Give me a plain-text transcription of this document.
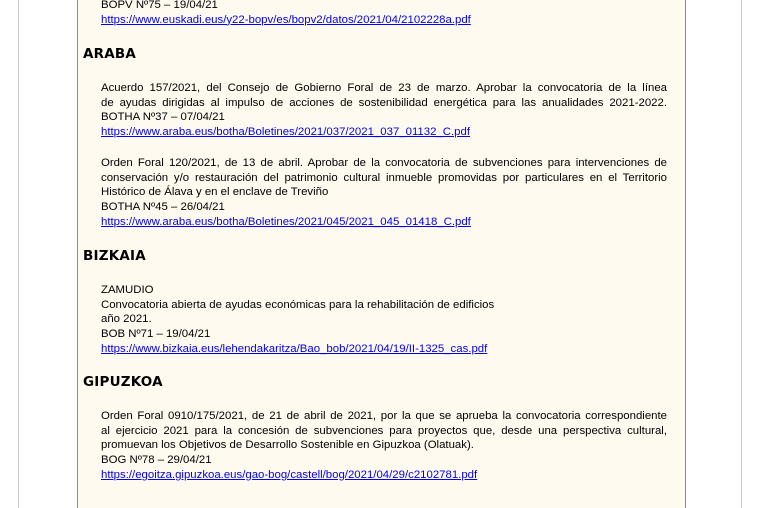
BOPV Nº75 – 19/04/21
https://www.euskadi.eus/y22-bopv/es/bopv2/datos/2021/04/2102228a.pdf
ARABA
Acuerdo 157/2021, del Consejo de Gobierno Foral de 23 de marzo. Aprobar la convocatoria de la línea
de ayudas dirigidas al impulso de acciones de sostenibilidad energética para las anualidades 2021-2022.
BOTHA Nº37 – 07/04/21
https://www.araba.eus/botha/Boletines/2021/037/2021_037_01132_C.pdf
Orden Foral 120/2021, de 13 de abril. Aprobar de la convocatoria de subvenciones para intervenciones de
conservación y/o restauración del patrimonio cultural inmueble promovidas por particulares en el Territorio
Histórico de Álava y en el enclave de Treviño
BOTHA Nº45 – 26/04/21
https://www.araba.eus/botha/Boletines/2021/045/2021_045_01418_C.pdf
BIZKAIA
ZAMUDIO
Convocatoria abierta de ayudas económicas para la rehabilitación de edificios
año 2021.
BOB Nº71 – 19/04/21
https://www.bizkaia.eus/lehendakaritza/Bao_bob/2021/04/19/II-1325_cas.pdf
GIPUZKOA
Orden Foral 0910/175/2021, de 21 de abril de 2021, por la que se aprueba la convocatoria correspondiente
al ejercicio 2021 para la concesión de subvenciones para proyectos que, desde una perspectiva cultural,
promuevan los Objetivos de Desarrollo Sostenible en Gipuzkoa (Olatuak).
BOG Nº78 – 29/04/21
https://egoitza.gipuzkoa.eus/gao-bog/castell/bog/2021/04/29/c2102781.pdf
